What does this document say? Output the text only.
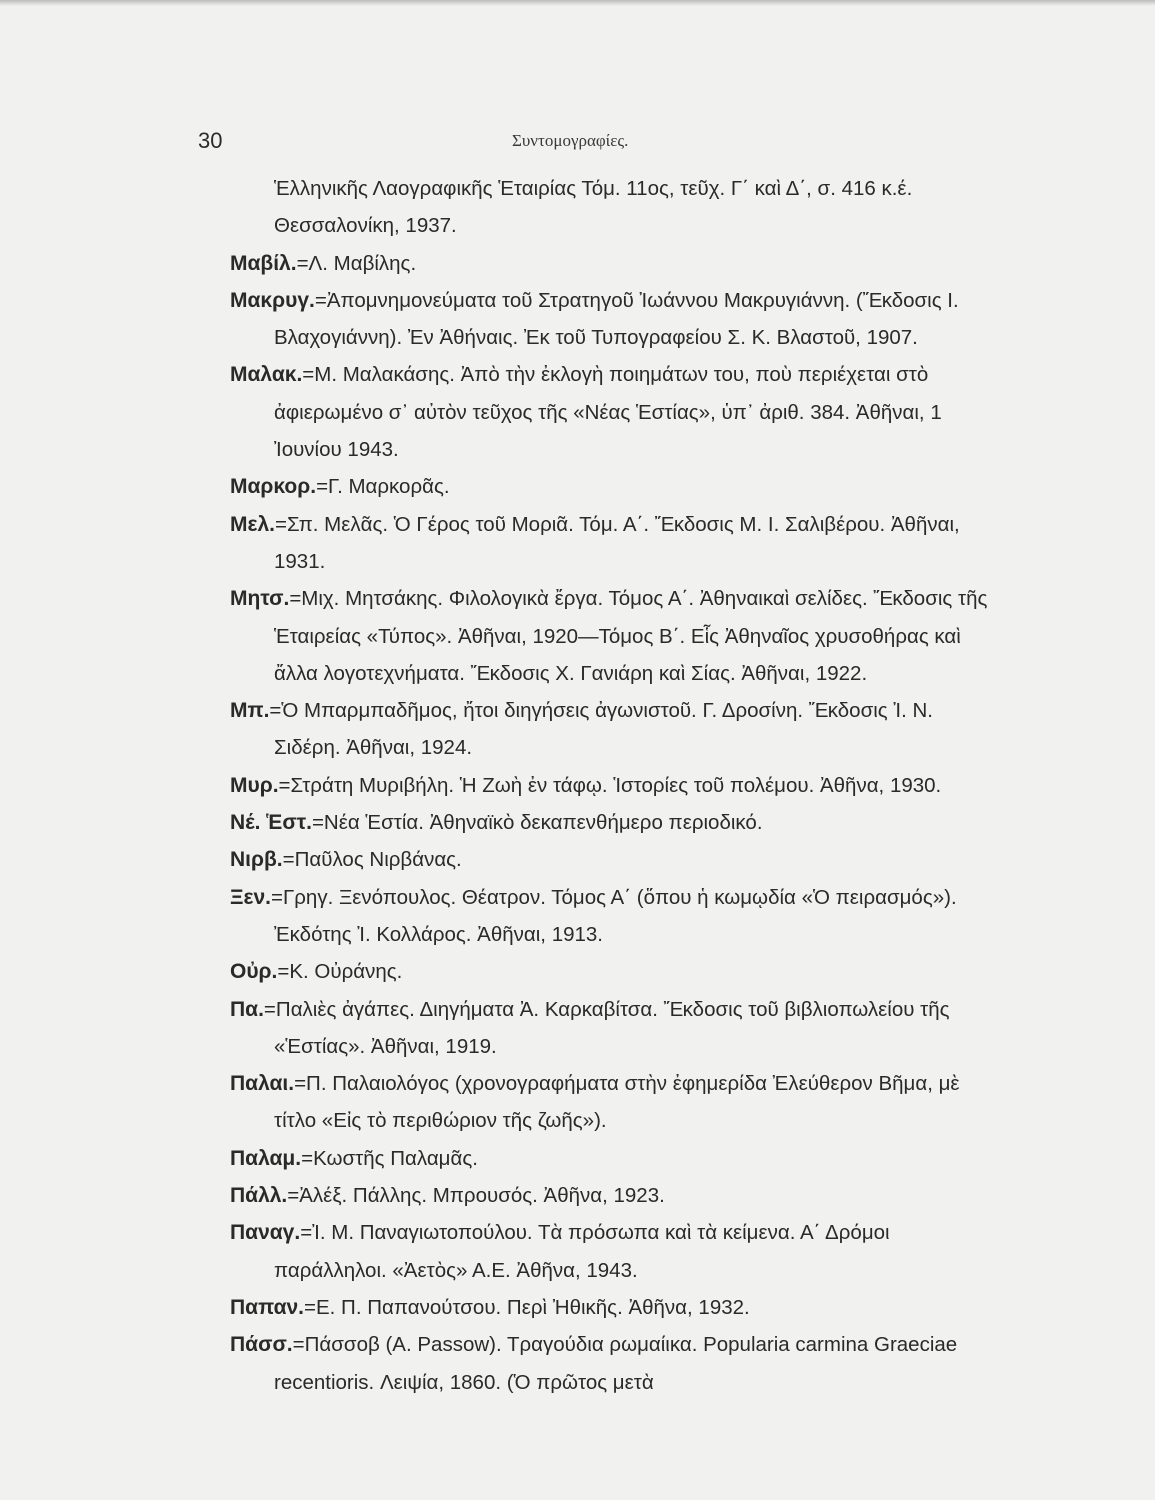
30	Συντομογραφίες.

Ἑλληνικῆς Λαογραφικῆς Ἑταιρίας Τόμ. 11ος, τεῦχ. Γ΄ καὶ Δ΄, σ. 416 κ.έ. Θεσσαλονίκη, 1937.

Μαβίλ.=Λ. Μαβίλης.

Μακρυγ.=Ἀπομνημονεύματα τοῦ Στρατηγοῦ Ἰωάννου Μακρυγιάννη. (Ἔκδοσις Ι. Βλαχογιάννη). Ἐν Ἀθήναις. Ἐκ τοῦ Τυπογραφείου Σ. Κ. Βλαστοῦ, 1907.

Μαλακ.=Μ. Μαλακάσης. Ἀπὸ τὴν ἐκλογὴ ποιημάτων του, ποὺ περιέχεται στὸ ἀφιερωμένο σ᾿ αὐτὸν τεῦχος τῆς «Νέας Ἑστίας», ὑπ᾿ ἀριθ. 384. Ἀθῆναι, 1 Ἰουνίου 1943.

Μαρκορ.=Γ. Μαρκορᾶς.

Μελ.=Σπ. Μελᾶς. Ὁ Γέρος τοῦ Μοριᾶ. Τόμ. Α΄. Ἔκδοσις Μ. Ι. Σαλιβέρου. Ἀθῆναι, 1931.

Μητσ.=Μιχ. Μητσάκης. Φιλολογικὰ ἔργα. Τόμος Α΄. Ἀθηναικαὶ σελίδες. Ἔκδοσις τῆς Ἑταιρείας «Τύπος». Ἀθῆναι, 1920—Τόμος Β΄. Εἷς Ἀθηναῖος χρυσοθήρας καὶ ἄλλα λογοτεχνήματα. Ἔκδοσις Χ. Γανιάρη καὶ Σίας. Ἀθῆναι, 1922.

Μπ.=Ὁ Μπαρμπαδῆμος, ἤτοι διηγήσεις ἀγωνιστοῦ. Γ. Δροσίνη. Ἔκδοσις Ἰ. Ν. Σιδέρη. Ἀθῆναι, 1924.

Μυρ.=Στράτη Μυριβήλη. Ἡ Ζωὴ ἐν τάφῳ. Ἱστορίες τοῦ πολέμου. Ἀθῆνα, 1930.

Νέ. Ἑστ.=Νέα Ἑστία. Ἀθηναϊκὸ δεκαπενθήμερο περιοδικό.

Νιρβ.=Παῦλος Νιρβάνας.

Ξεν.=Γρηγ. Ξενόπουλος. Θέατρον. Τόμος Α΄ (ὅπου ἡ κωμῳδία «Ὁ πειρασμός»). Ἐκδότης Ἰ. Κολλάρος. Ἀθῆναι, 1913.

Οὐρ.=Κ. Οὐράνης.

Πα.=Παλιὲς ἀγάπες. Διηγήματα Ἀ. Καρκαβίτσα. Ἔκδοσις τοῦ βιβλιοπωλείου τῆς «Ἑστίας». Ἀθῆναι, 1919.

Παλαι.=Π. Παλαιολόγος (χρονογραφήματα στὴν ἐφημερίδα Ἐλεύθερον Βῆμα, μὲ τίτλο «Εἰς τὸ περιθώριον τῆς ζωῆς»).

Παλαμ.=Κωστῆς Παλαμᾶς.

Πάλλ.=Ἀλέξ. Πάλλης. Μπρουσός. Ἀθῆνα, 1923.

Παναγ.=Ἰ. Μ. Παναγιωτοπούλου. Τὰ πρόσωπα καὶ τὰ κείμενα. Α΄ Δρόμοι παράλληλοι. «Ἀετὸς» Α.Ε. Ἀθῆνα, 1943.

Παπαν.=Ε. Π. Παπανούτσου. Περὶ Ἠθικῆς. Ἀθῆνα, 1932.

Πάσσ.=Πάσσοβ (A. Passow). Τραγούδια ρωμαίικα. Popularia carmina Graeciae recentioris. Λειψία, 1860. (Ὁ πρῶτος μετὰ
